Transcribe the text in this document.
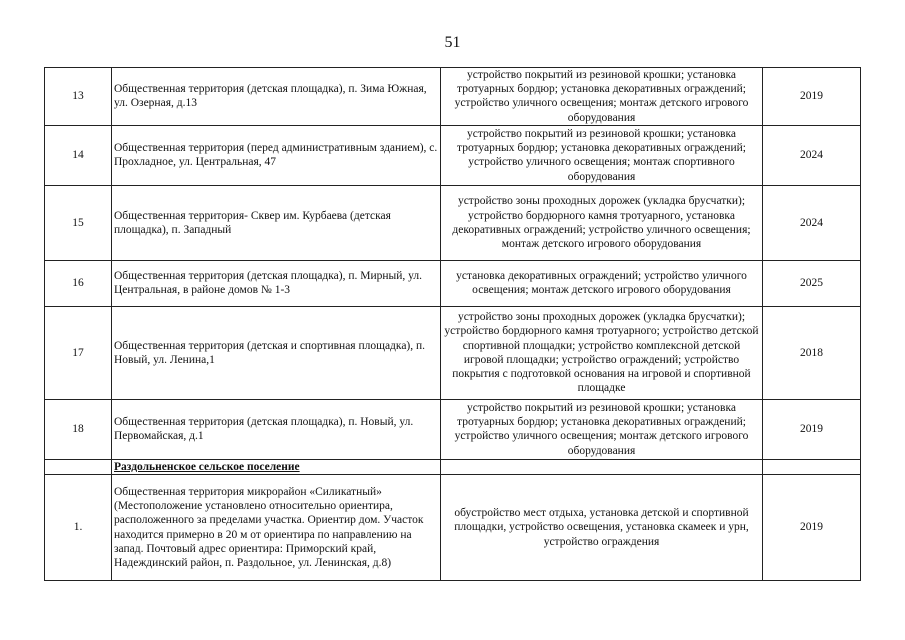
51
13	Общественная территория (детская площадка), п. Зима Южная, ул. Озерная, д.13	устройство покрытий из резиновой крошки; установка тротуарных бордюр; установка декоративных ограждений; устройство уличного освещения; монтаж детского игрового оборудования	2019
14	Общественная территория (перед административным зданием), с. Прохладное, ул. Центральная, 47	устройство покрытий из резиновой крошки; установка тротуарных бордюр; установка декоративных ограждений; устройство уличного освещения; монтаж спортивного оборудования	2024
15	Общественная территория- Сквер им. Курбаева (детская площадка), п. Западный	устройство зоны проходных дорожек (укладка брусчатки); устройство бордюрного камня тротуарного, установка декоративных ограждений; устройство уличного освещения; монтаж детского игрового оборудования	2024
16	Общественная территория (детская площадка), п. Мирный, ул. Центральная, в районе домов № 1-3	установка декоративных ограждений; устройство уличного освещения; монтаж детского игрового оборудования	2025
17	Общественная территория (детская и спортивная площадка), п. Новый, ул. Ленина,1	устройство зоны проходных дорожек (укладка брусчатки); устройство бордюрного камня тротуарного; устройство детской спортивной площадки; устройство комплексной детской игровой площадки; устройство ограждений; устройство покрытия с подготовкой основания на игровой и спортивной площадке	2018
18	Общественная территория (детская площадка), п. Новый, ул. Первомайская, д.1	устройство покрытий из резиновой крошки; установка тротуарных бордюр; установка декоративных ограждений; устройство уличного освещения; монтаж детского игрового оборудования	2019
	Раздольненское сельское поселение		
1.	Общественная территория микрорайон «Силикатный» (Местоположение установлено относительно ориентира, расположенного за пределами участка. Ориентир дом. Участок находится примерно в 20 м от ориентира по направлению на запад. Почтовый адрес ориентира: Приморский край, Надеждинский район, п. Раздольное, ул. Ленинская, д.8)	обустройство мест отдыха, установка детской и спортивной площадки, устройство освещения, установка скамеек и урн, устройство ограждения	2019
